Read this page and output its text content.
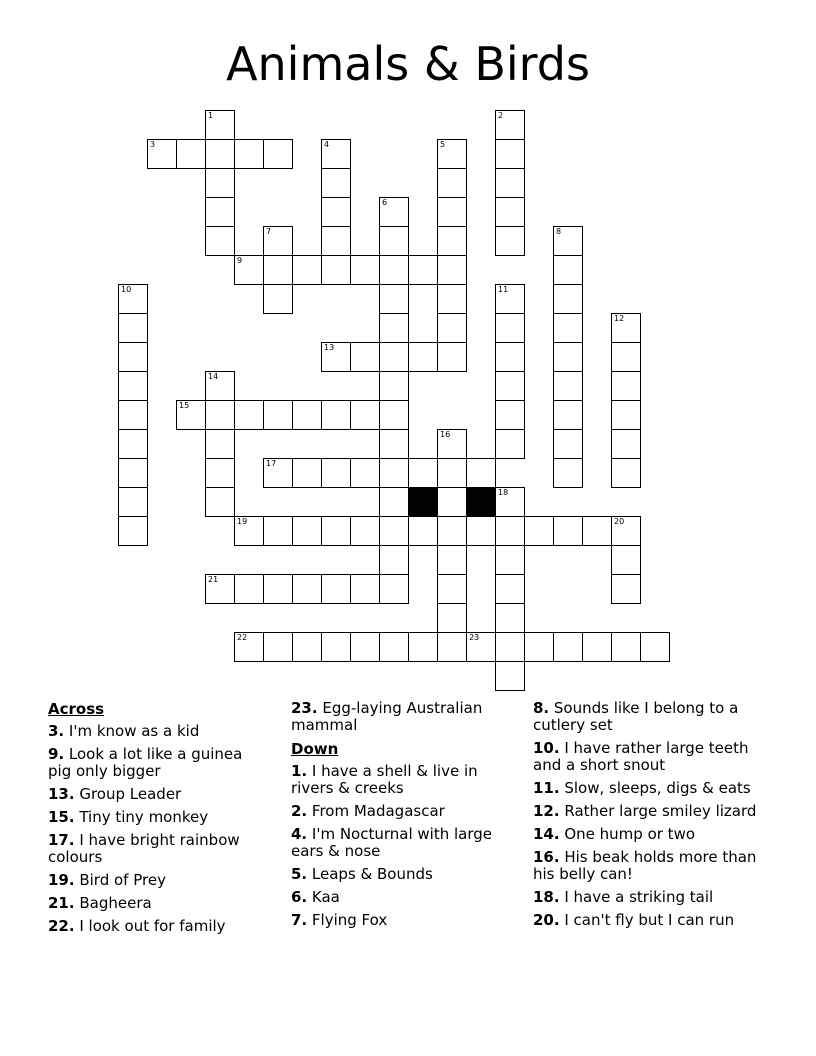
Animals & Birds
1	2
3	4	5
6
7	8
9
10	11
12
13
14
15
16
17
18
19	20
21
22	23
Across
3. I'm know as a kid
9. Look a lot like a guinea pig only bigger
13. Group Leader
15. Tiny tiny monkey
17. I have bright rainbow colours
19. Bird of Prey
21. Bagheera
22. I look out for family
23. Egg-laying Australian mammal
Down
1. I have a shell & live in rivers & creeks
2. From Madagascar
4. I'm Nocturnal with large ears & nose
5. Leaps & Bounds
6. Kaa
7. Flying Fox
8. Sounds like I belong to a cutlery set
10. I have rather large teeth and a short snout
11. Slow, sleeps, digs & eats
12. Rather large smiley lizard
14. One hump or two
16. His beak holds more than his belly can!
18. I have a striking tail
20. I can't fly but I can run
